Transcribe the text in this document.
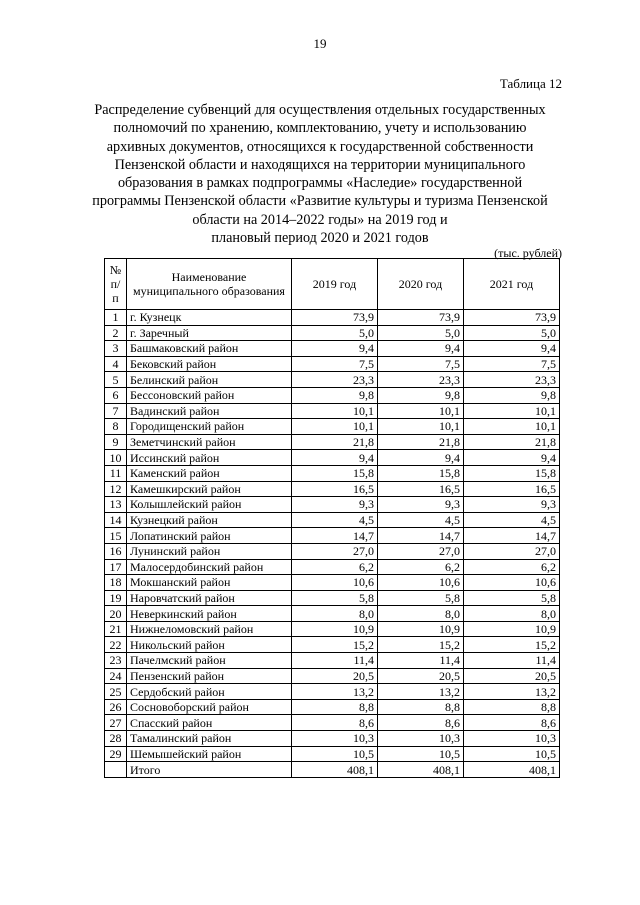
19
Таблица 12
Распределение субвенций для осуществления отдельных государственных
полномочий по хранению, комплектованию, учету и использованию
архивных документов, относящихся к государственной собственности
Пензенской области и находящихся на территории муниципального
образования в рамках подпрограммы «Наследие» государственной
программы Пензенской области «Развитие культуры и туризма Пензенской
области на 2014–2022 годы» на 2019 год и
плановый период 2020 и 2021 годов
(тыс. рублей)
№ п/п	Наименование муниципального образования	2019 год	2020 год	2021 год
1	г. Кузнецк	73,9	73,9	73,9
2	г. Заречный	5,0	5,0	5,0
3	Башмаковский район	9,4	9,4	9,4
4	Бековский район	7,5	7,5	7,5
5	Белинский район	23,3	23,3	23,3
6	Бессоновский район	9,8	9,8	9,8
7	Вадинский район	10,1	10,1	10,1
8	Городищенский район	10,1	10,1	10,1
9	Земетчинский район	21,8	21,8	21,8
10	Иссинский район	9,4	9,4	9,4
11	Каменский район	15,8	15,8	15,8
12	Камешкирский район	16,5	16,5	16,5
13	Колышлейский район	9,3	9,3	9,3
14	Кузнецкий район	4,5	4,5	4,5
15	Лопатинский район	14,7	14,7	14,7
16	Лунинский район	27,0	27,0	27,0
17	Малосердобинский район	6,2	6,2	6,2
18	Мокшанский район	10,6	10,6	10,6
19	Наровчатский район	5,8	5,8	5,8
20	Неверкинский район	8,0	8,0	8,0
21	Нижнеломовский район	10,9	10,9	10,9
22	Никольский район	15,2	15,2	15,2
23	Пачелмский район	11,4	11,4	11,4
24	Пензенский район	20,5	20,5	20,5
25	Сердобский район	13,2	13,2	13,2
26	Сосновоборский район	8,8	8,8	8,8
27	Спасский район	8,6	8,6	8,6
28	Тамалинский район	10,3	10,3	10,3
29	Шемышейский район	10,5	10,5	10,5
	Итого	408,1	408,1	408,1
